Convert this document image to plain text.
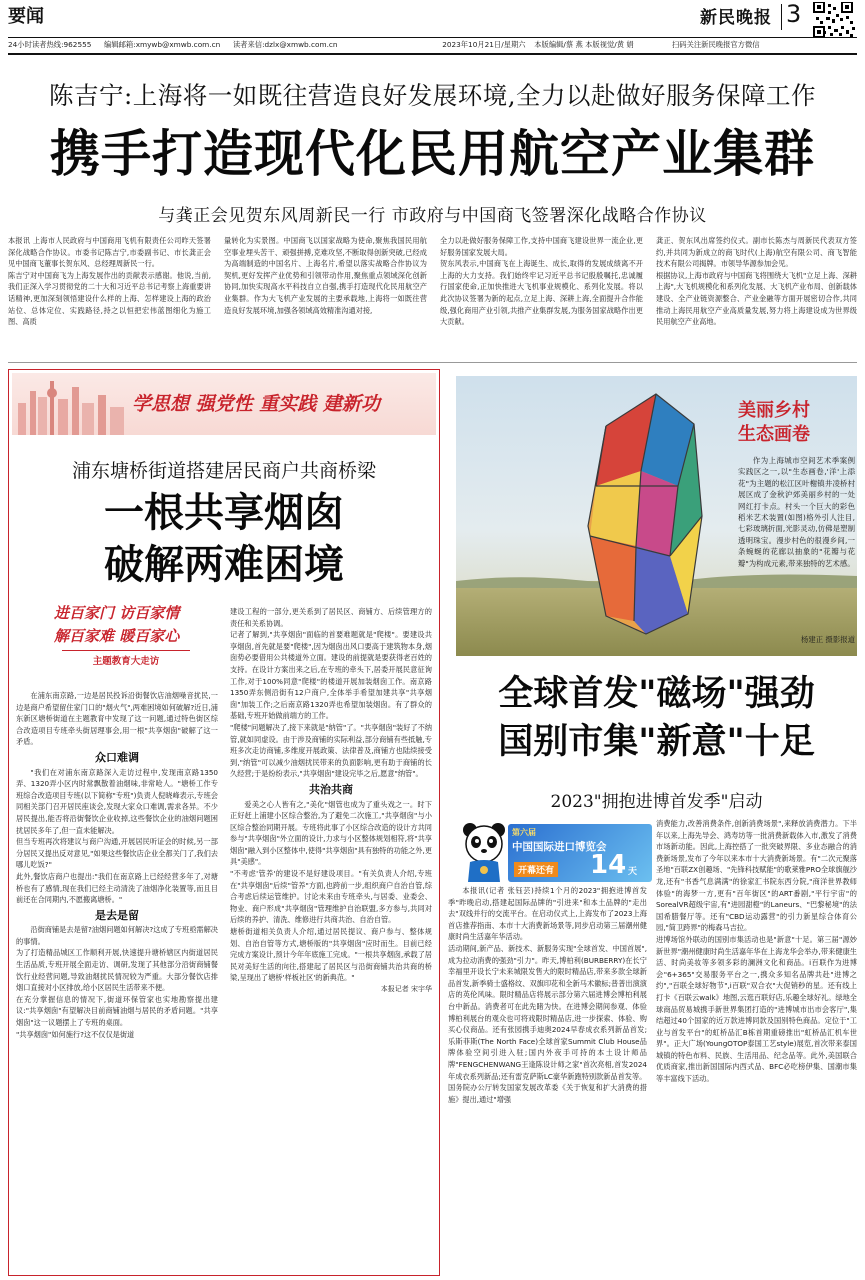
要闻
24小时读者热线:962555 编辑邮箱:xmywb@xmwb.com.cn 读者来信:dzlx@xmwb.com.cn	2023年10月21日/星期六 本版编辑/蔡 燕 本版视觉/黄 娟	扫码关注新民晚报官方微信
新民晚报 3
陈吉宁:上海将一如既往营造良好发展环境,全力以赴做好服务保障工作
携手打造现代化民用航空产业集群
与龚正会见贺东风周新民一行 市政府与中国商飞签署深化战略合作协议
本报讯 上海市人民政府与中国商用飞机有限责任公司昨天签署深化战略合作协议。市委书记陈吉宁,市委副书记、市长龚正会见中国商飞董事长贺东风、总经理周新民一行。
陈吉宁对中国商飞为上海发展作出的贡献表示感谢。他说,当前,我们正深入学习贯彻党的二十大和习近平总书记考察上海重要讲话精神,更加深刻领悟建设什么样的上海、怎样建设上海的政治站位、总体定位、实践路径,持之以恒把宏伟蓝图细化为施工图、高质
量转化为实景图。中国商飞以国家战略为使命,聚焦我国民用航空事业埋头苦干、顽强拼搏,克难攻坚,不断取得创新突破,已经成为高端制造的中国名片、上海名片,希望以落实战略合作协议为契机,更好发挥产业优势和引领带动作用,聚焦重点领域深化创新协同,加快实现高水平科技自立自强,携手打造现代化民用航空产业集群。作为大飞机产业发展的主要承载地,上海将一如既往营造良好发展环境,加强各领域高效精准沟通对接,
全力以赴做好服务保障工作,支持中国商飞建设世界一流企业,更好服务国家发展大局。
贺东风表示,中国商飞在上海诞生、成长,取得的发展成绩离不开上海的大力支持。我们始终牢记习近平总书记殷殷嘱托,忠诚履行国家使命,正加快推进大飞机事业规模化、系列化发展。将以此次协议签署为新的起点,立足上海、深耕上海,全面提升合作能级,强化商用产业引领,共推产业集群发展,为服务国家战略作出更大贡献。
龚正、贺东风出席签约仪式。副市长陈杰与周新民代表双方签约,并共同为新成立的商飞时代(上海)航空有限公司、商飞智能技术有限公司揭牌。市领导华源参加会见。
根据协议,上海市政府与中国商飞将围绕大飞机"立足上海、深耕上海",大飞机规模化和系列化发展、大飞机产业布局、创新载体建设、全产业链资源整合、产业金融等方面开展密切合作,共同推动上海民用航空产业高质量发展,努力将上海建设成为世界级民用航空产业高地。
学思想 强党性 重实践 建新功
浦东塘桥街道搭建居民商户共商桥梁
一根共享烟囱
破解两难困境
进百家门 访百家情
解百家难 暖百家心
主题教育大走访

在浦东南京路,一边是居民投诉沿街餐饮店油烟噪音扰民,一边是商户希望留住家门口的"烟火气",两难困境如何破解?近日,浦东新区塘桥街道在主题教育中发现了这一问题,通过特色街区综合改造项目专班牵头街居理事会,用一根"共享烟囱"破解了这一矛盾。

众口难调

"我们在对浦东南京路深入走访过程中,发现南京路1350弄、1320弄小区内时常飘散着油烟味,非常呛人。"塘桥工作专班综合改造项目专班(以下简称"专班")负责人倪晓峰表示,专班会同相关部门召开居民座谈会,发现大家众口难调,需求各异。不少居民提出,能否将沿街餐饮企业收掉,这些餐饮企业的油烟问题困扰居民多年了,但一直未能解决。
但当专班再次将建议与商户沟通,开展居民听证会的时候,另一部分居民又提出反对意见,"如果这些餐饮店企业全都关门了,我们去哪儿吃饭?"
此外,餐饮店商户也提出:"我们在南京路上已经经营多年了,对塘桥也有了感情,现在我们已经主动清洗了油烟净化装置等,而且目前还在合同期内,不愿搬离塘桥。"

是去是留

沿街商铺是去是留?油烟问题如何解决?这成了专班亟需解决的事情。
为了打造精品城区工作顺利开展,快速提升塘桥辖区内街道居民生活品质,专班开展全面走访、调研,发现了其他部分沿街商铺餐饮行业经营问题,导致油烟扰民情况较为严重。大部分餐饮店排烟口直接对小区排放,给小区居民生活带来不便。
在充分掌握信息的情况下,街道环保管家也实地勘察提出建议:"共享烟囱"有望解决目前商铺油烟与居民的矛盾问题。"共享烟囱"这一议题摆上了专班的桌面。
"共享烟囱"如何施行?这不仅仅是街道

建设工程的一部分,更关系到了居民区、商铺方、后续管理方的责任和关系协调。
记者了解到,"共享烟囱"面临的首要难题就是"爬楼"。要建设共享烟囱,首先就是要"爬楼",因为烟囱出风口要高于建筑物本身,烟囱势必要借用公共楼道外立面。建设的前提就是要获得老百姓的支持。在设计方案出来之后,在专班的牵头下,居委开展民意征询工作,对于100%同意"爬楼"的楼道开展加装烟囱工作。南京路1350弄东侧沿街有12户商户,全体举手希望加建共享"共享烟囱"加装工作;之后南京路1320弄也希望加装烟囱。有了群众的基础,专班开始做前端方的工作。
"爬楼"问题解决了,接下来就是"纳管"了。"共享烟囱"装好了不纳管,就如同虚设。由于涉及商铺的实际利益,部分商铺有些抵触,专班多次走访商铺,多维度开展政策、法律普及,商铺方也陆续接受到,"纳管"可以减少油烟扰民带来的负面影响,更有助于商铺的长久经营;于是纷纷表示,"共享烟囱"建设完毕之后,愿意"纳管"。

共治共商

爱美之心人皆有之,"美化"烟管也成为了重头戏之一。时下正好赶上浦建小区综合整治,为了避免二次施工,"共享烟囱"与小区综合整治同期开展。专班将此事了小区综合改造的设计方共同参与"共享烟囱"外立面的设计,力求与小区整体规划相符,将"共享烟囱"融入到小区整体中,使得"共享烟囱"具有独特的功能之外,更具"美感"。
"不考虑'管养'的建设不是好建设项目。"有关负责人介绍,专班在"共享烟囱"后续"管养"方面,也跨前一步,组织商户自治自管,综合考虑后续运管维护。讨论未来由专班牵头,与居委、业委会、物业、商户形成"共享烟囱"管理维护自治联盟,多方参与,共同对后续的养护、清洗、维修进行共商共治、自治自管。
塘桥街道相关负责人介绍,通过居民提议、商户参与、整体规划、自治自管等方式,塘桥版的"共享烟囱"应时而生。目前已经完成方案设计,预计今年年底施工完成。"一根共享烟囱,承载了居民对美好生活的向往,搭建起了居民区与沿街商铺共治共商的桥梁,呈现出了塘桥'样板社区'的新典范。"

本报记者 宋宇华
美丽乡村
生态画卷
作为上海城市空间艺术季案例实践区之一,以"生态画卷,'洋'上添花"为主题的松江区叶榭镇井凌桥村展区成了金秋沪郊美丽乡村的一处网红打卡点。村头一个巨大的彩色稻米艺术装置(如图)格外引人注目,七彩玻璃折面,光影灵动,仿佛是塑制透明珠宝。漫步村色的很漫乡间,一条蜿蜒的花廊以抽象的"花瓣与花瓣"为构成元素,带来独特的艺术感。
杨建正 摄影报道
全球首发"磁场"强劲
国别市集"新意"十足
2023"拥抱进博首发季"启动
第六届
中国国际进口博览会
开幕还有 14 天

本报讯(记者 张钰芸)持续1个月的2023"拥抱进博首发季"昨晚启动,搭建起国际品牌的"引进来"和本土品牌的"走出去"双线并行的交流平台。在启动仪式上,上海发布了2023上海首店推荐指南、本市十大消费新场景等,同步启动第三届潮州健康时尚生活嘉年华活动。
活动期间,新产品、新技术、新服务实现"全球首发、中国首展",成为拉动消费的强劲"引力"。昨天,博柏利(BURBERRY)在长宁幸福里开设长宁未来城限发售大的限时精品店,带来多款全球新品首发,新季骑士盛格纹、双旗印花和全新马术徽标;普普出演演店的英伦风味。限时精品店将展示部分第六届进博会博柏利展台中新品。消费者可在此先睹为快。在进博会期间参观、体验博柏利展台的观众也可将戏限时精品店,进一步探索、体验、购买心仪商品。还有张园携手迪奥2024早春成衣系列新品首发;乐斯菲斯(The North Face)全球首家Summit Club House品牌体验空间引进入驻;国内外夜手可持的本土设计师品牌"FENGCHENWANG王逢陈设计师之家"首次亮相,首发2024年成衣系列新品;还有雷克萨斯LC豪华新跑特别款新品首发等。
国务院办公厅转发国家发展改革委《关于恢复和扩大消费的措施》提出,通过"增强

消费能力,改善消费条件,创新消费场景",来释放消费潜力。下半年以来,上海先导会、鸿寿坊等一批消费新载体入市,激发了消费市场新动能。因此,上海控搭了一批突破界限、多业态融合的消费新场景,发布了今年以来本市十大消费新场景。有"二次元聚落圣地"百联ZX创趣场、"先锋科技赋能"的歌莱雅PRO全球旗舰沙龙,还有"书香气息满满"的徐家汇书院东西分院,"商洋世界教师体验"的海梦一方,更有"百年街区"的ART番剧,"平行宇宙"的SorealVR超级宇宙,有"进园甜橙"的Laneurs、"巴黎秘境"的法国希腊餐厅等。还有"CBD运动露营"的引力新星综合体育公园,"简卫跨界"的梅森马吉拉。
进博场馆外联动的国别市集活动也是"新意"十足。第三届"源妙新世界"潮州健康时尚生活嘉年华在上海龙华会举办,带来健康生活、时尚美妆等多领多彩的澜洲文化和商品。i百联作为进博会"6+365"交易服务平台之一,携众多知名品牌共赴"进博之约","百联全球好物节",i百联"双合衣"大促销秒的星。还有线上打卡《百联云walk》地图,云逛百联好店,乐趣全球好礼。绿地全球商品贸易城携手新世界集团打造的"进博城市出市会客厅",集结超过40个国家的近万款进博同款及国别特色商品。定位于"工业与首发平台"的虹桥品汇B栋首期重磅推出"虹桥品汇机车世界"。正大广场(YoungOTOP泰国工艺style)展览,首次带来泰国城镇的特色布料、民族、生活用品、纪念品等。此外,美国联合优质商家,推出新国国际内西式品、BFC必吃榜伊集、国潮市集等丰富线下活动。
